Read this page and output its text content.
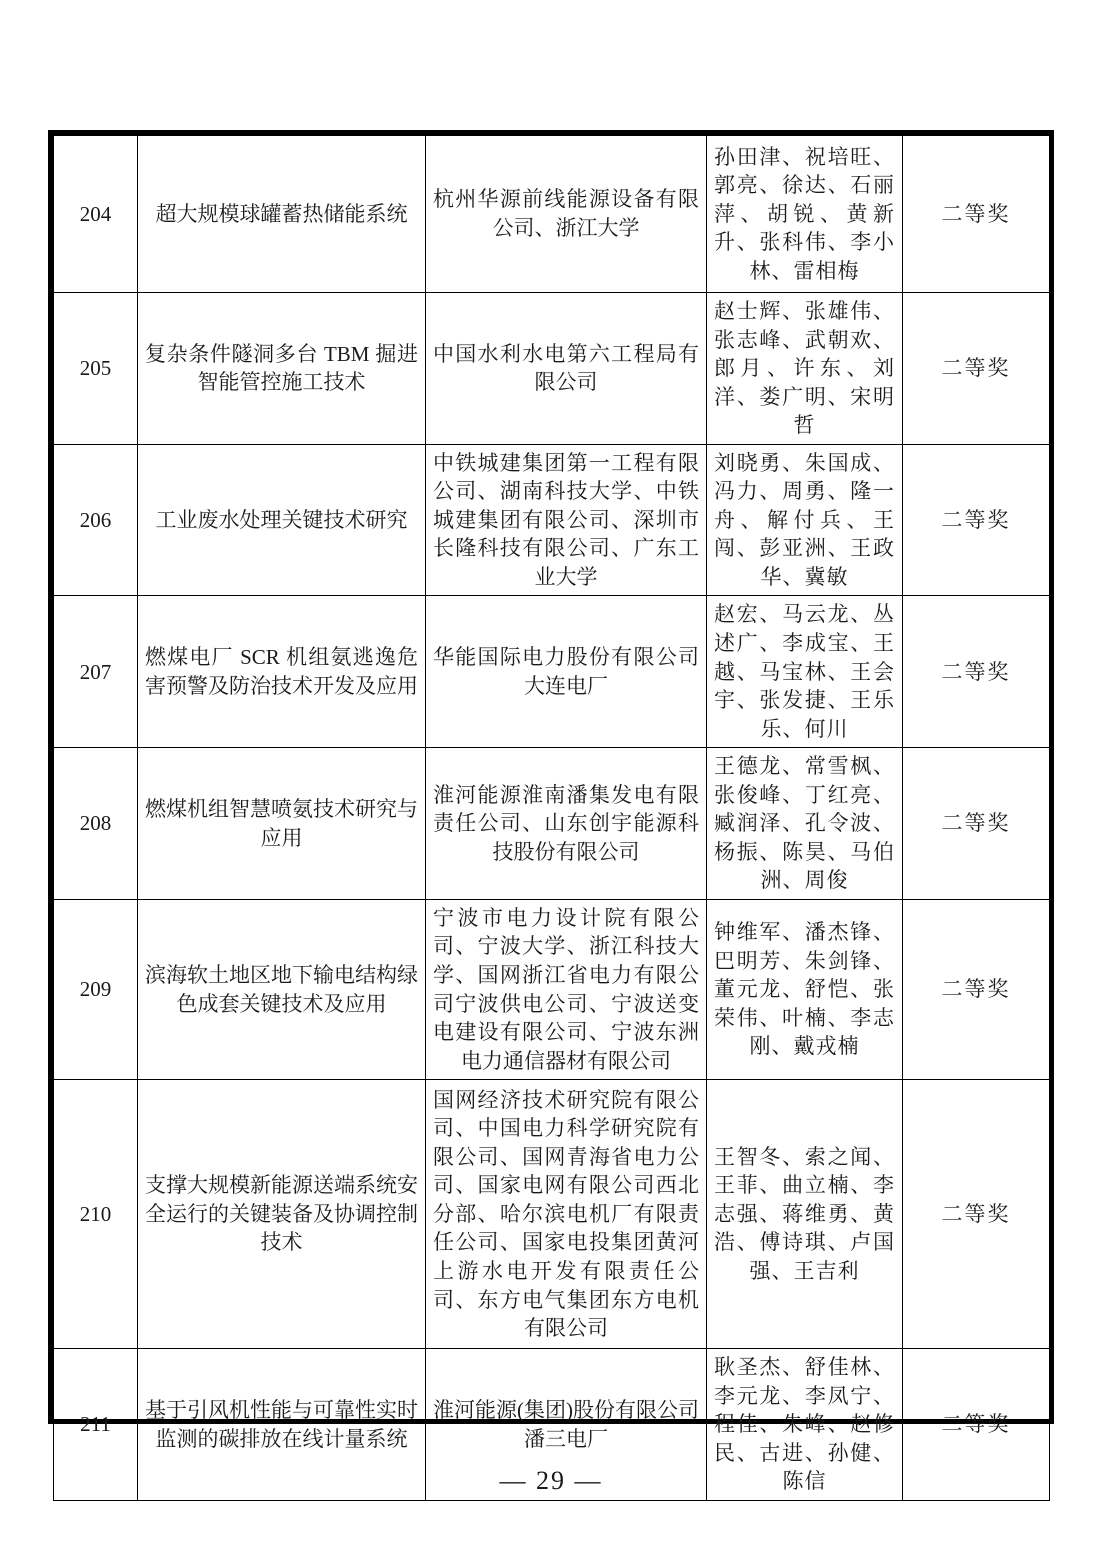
204	超大规模球罐蓄热储能系统	杭州华源前线能源设备有限公司、浙江大学	孙田津、祝培旺、郭亮、徐达、石丽萍、胡锐、黄新升、张科伟、李小林、雷相梅	二等奖
205	复杂条件隧洞多台 TBM 掘进智能管控施工技术	中国水利水电第六工程局有限公司	赵士辉、张雄伟、张志峰、武朝欢、郎月、许东、刘洋、娄广明、宋明哲	二等奖
206	工业废水处理关键技术研究	中铁城建集团第一工程有限公司、湖南科技大学、中铁城建集团有限公司、深圳市长隆科技有限公司、广东工业大学	刘晓勇、朱国成、冯力、周勇、隆一舟、解付兵、王闯、彭亚洲、王政华、冀敏	二等奖
207	燃煤电厂 SCR 机组氨逃逸危害预警及防治技术开发及应用	华能国际电力股份有限公司大连电厂	赵宏、马云龙、丛述广、李成宝、王越、马宝林、王会宇、张发捷、王乐乐、何川	二等奖
208	燃煤机组智慧喷氨技术研究与应用	淮河能源淮南潘集发电有限责任公司、山东创宇能源科技股份有限公司	王德龙、常雪枫、张俊峰、丁红亮、臧润泽、孔令波、杨振、陈昊、马伯洲、周俊	二等奖
209	滨海软土地区地下输电结构绿色成套关键技术及应用	宁波市电力设计院有限公司、宁波大学、浙江科技大学、国网浙江省电力有限公司宁波供电公司、宁波送变电建设有限公司、宁波东洲电力通信器材有限公司	钟维军、潘杰锋、巴明芳、朱剑锋、董元龙、舒恺、张荣伟、叶楠、李志刚、戴戎楠	二等奖
210	支撑大规模新能源送端系统安全运行的关键装备及协调控制技术	国网经济技术研究院有限公司、中国电力科学研究院有限公司、国网青海省电力公司、国家电网有限公司西北分部、哈尔滨电机厂有限责任公司、国家电投集团黄河上游水电开发有限责任公司、东方电气集团东方电机有限公司	王智冬、索之闻、王菲、曲立楠、李志强、蒋维勇、黄浩、傅诗琪、卢国强、王吉利	二等奖
211	基于引风机性能与可靠性实时监测的碳排放在线计量系统	淮河能源(集团)股份有限公司潘三电厂	耿圣杰、舒佳林、李元龙、李凤宁、程佳、朱峰、赵修民、古进、孙健、陈信	二等奖
— 29 —
